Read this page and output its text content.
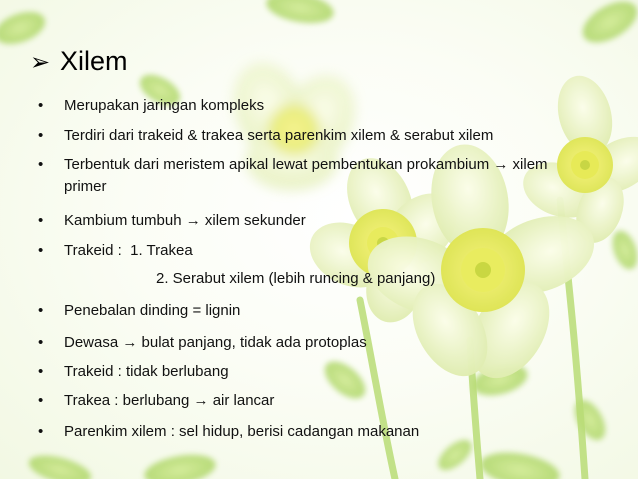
➢ Xilem
• Merupakan jaringan kompleks
• Terdiri dari trakeid & trakea serta parenkim xilem & serabut xilem
• Terbentuk dari meristem apikal lewat pembentukan prokambium → xilem
primer
• Kambium tumbuh → xilem sekunder
• Trakeid :  1. Trakea
2. Serabut xilem (lebih runcing & panjang)
• Penebalan dinding = lignin
• Dewasa → bulat panjang, tidak ada protoplas
• Trakeid : tidak berlubang
• Trakea : berlubang → air lancar
• Parenkim xilem : sel hidup, berisi cadangan makanan
